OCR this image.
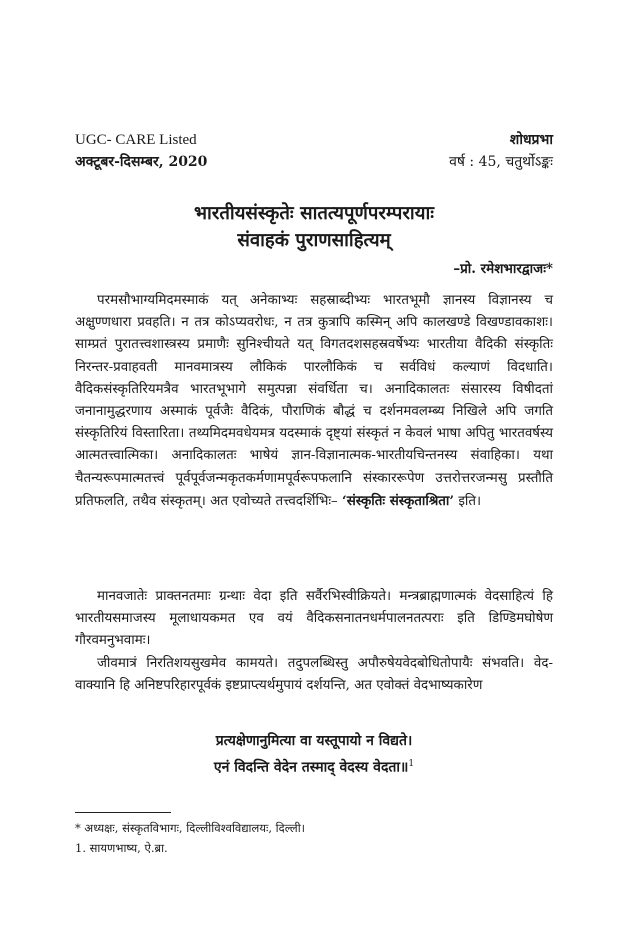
UGC- CARE Listed	शोधप्रभा
अक्टूबर-दिसम्बर, 2020	वर्ष : 45, चतुर्थोऽङ्कः
भारतीयसंस्कृतेः सातत्यपूर्णपरम्परायाः
संवाहकं पुराणसाहित्यम्
–प्रो. रमेशभारद्वाजः*
परमसौभाग्यमिदमस्माकं यत् अनेकाभ्यः सहस्राब्दीभ्यः भारतभूमौ ज्ञानस्य विज्ञानस्य च अक्षुण्णधारा प्रवहति। न तत्र कोऽप्यवरोधः, न तत्र कुत्रापि कस्मिन् अपि कालखण्डे विखण्डावकाशः। साम्प्रतं पुरातत्त्वशास्त्रस्य प्रमाणैः सुनिश्चीयते यत् विगतदशसहस्रवर्षेभ्यः भारतीया वैदिकी संस्कृतिः निरन्तर-प्रवाहवती मानवमात्रस्य लौकिकं पारलौकिकं च सर्वविधं कल्याणं विदधाति। वैदिकसंस्कृतिरियमत्रैव भारतभूभागे समुत्पन्ना संवर्धिता च। अनादिकालतः संसारस्य विषीदतां जनानामुद्धरणाय अस्माकं पूर्वजैः वैदिकं, पौराणिकं बौद्धं च दर्शनमवलम्ब्य निखिले अपि जगति संस्कृतिरियं विस्तारिता। तथ्यमिदमवधेयमत्र यदस्माकं दृष्ट्यां संस्कृतं न केवलं भाषा अपितु भारतवर्षस्य आत्मतत्त्वात्मिका। अनादिकालतः भाषेयं ज्ञान-विज्ञानात्मक-भारतीयचिन्तनस्य संवाहिका। यथा चैतन्यरूपमात्मतत्त्वं पूर्वपूर्वजन्मकृतकर्मणामपूर्वरूपफलानि संस्काररूपेण उत्तरोत्तरजन्मसु प्रस्तौति प्रतिफलति, तथैव संस्कृतम्। अत एवोच्यते तत्त्वदर्शिभिः– ‘संस्कृतिः संस्कृताश्रिता’ इति।
मानवजातेः प्राक्तनतमाः ग्रन्थाः वेदा इति सर्वैरभिस्वीक्रियते। मन्त्रब्राह्मणात्मकं वेदसाहित्यं हि भारतीयसमाजस्य मूलाधायकमत एव वयं वैदिकसनातनधर्मपालनतत्पराः इति डिण्डिमघोषेण गौरवमनुभवामः।
जीवमात्रं निरतिशयसुखमेव कामयते। तदुपलब्धिस्तु अपौरुषेयवेदबोधितोपायैः संभवति। वेद-वाक्यानि हि अनिष्टपरिहारपूर्वकं इष्टप्राप्त्यर्थमुपायं दर्शयन्ति, अत एवोक्तं वेदभाष्यकारेण
प्रत्यक्षेणानुमित्या वा यस्तूपायो न विद्यते।
एनं विदन्ति वेदेन तस्माद् वेदस्य वेदता॥$^1$
* अध्यक्षः, संस्कृतविभागः, दिल्लीविश्वविद्यालयः, दिल्ली।
1. सायणभाष्य, ऐ.ब्रा.
